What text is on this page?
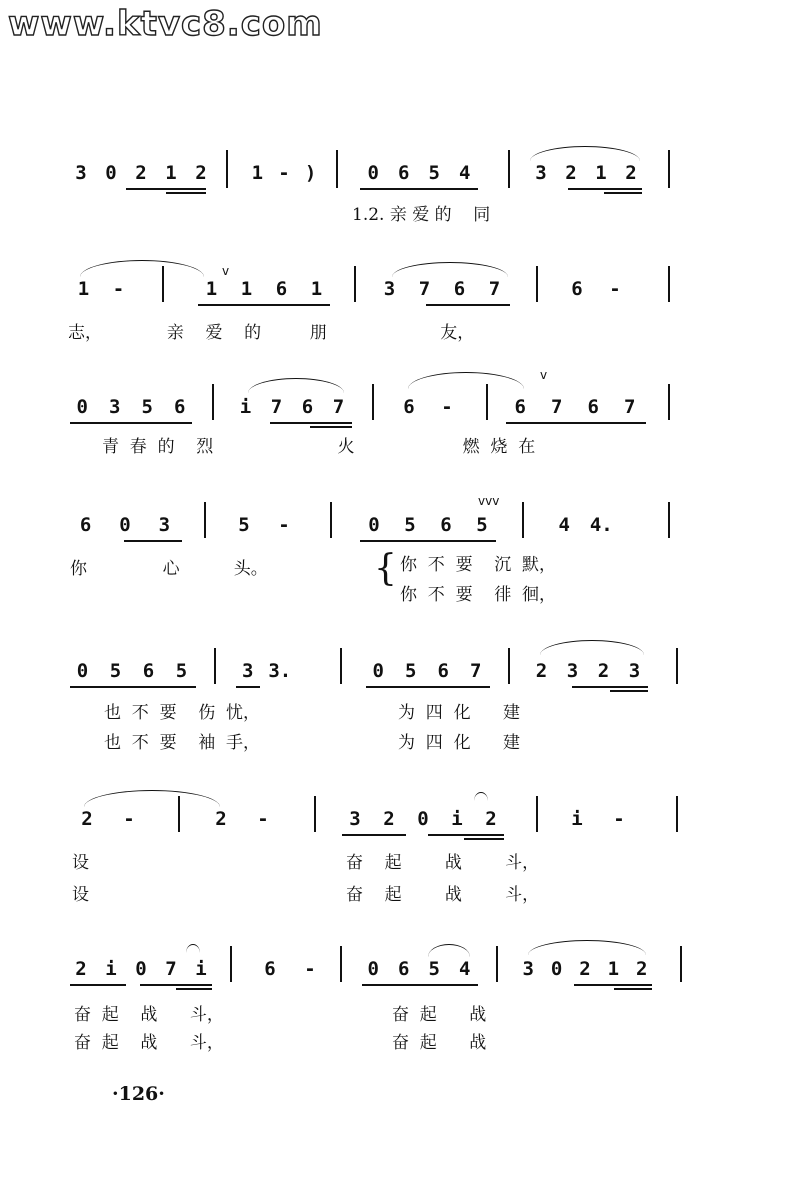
www.ktvc8.com
3 0 2 1 2 1 - )	0 6 5 4	3 2 1 2
1.2. 亲 爱 的    同
1 -
v
1 1 6 1	3 7 6 7	6 -
志，            亲    爱    的         朋                     友，
0 3 5 6	i 7 6 7	6 -
v
6 7 6 7
青  春  的    烈                       火                    燃  烧  在
6 0 3	5 -
vvv
0 5 6 5	4 4.
你              心          头。	{ 你  不  要    沉  默，
你  不  要    徘  徊，
0 5 6 5	3 3.	0 5 6 7	2 3 2 3
也  不  要    伤  忧，
也  不  要    袖  手，
为  四  化      建
为  四  化      建
2 -	2 -	3 2 0 i 2	i -
设
设
奋    起        战        斗，
奋    起        战        斗，
2 i 0 7 i	6 -	0 6 5 4	3 0 2 1 2
奋  起    战      斗，
奋  起    战      斗，
奋  起      战
奋  起      战
·126·
